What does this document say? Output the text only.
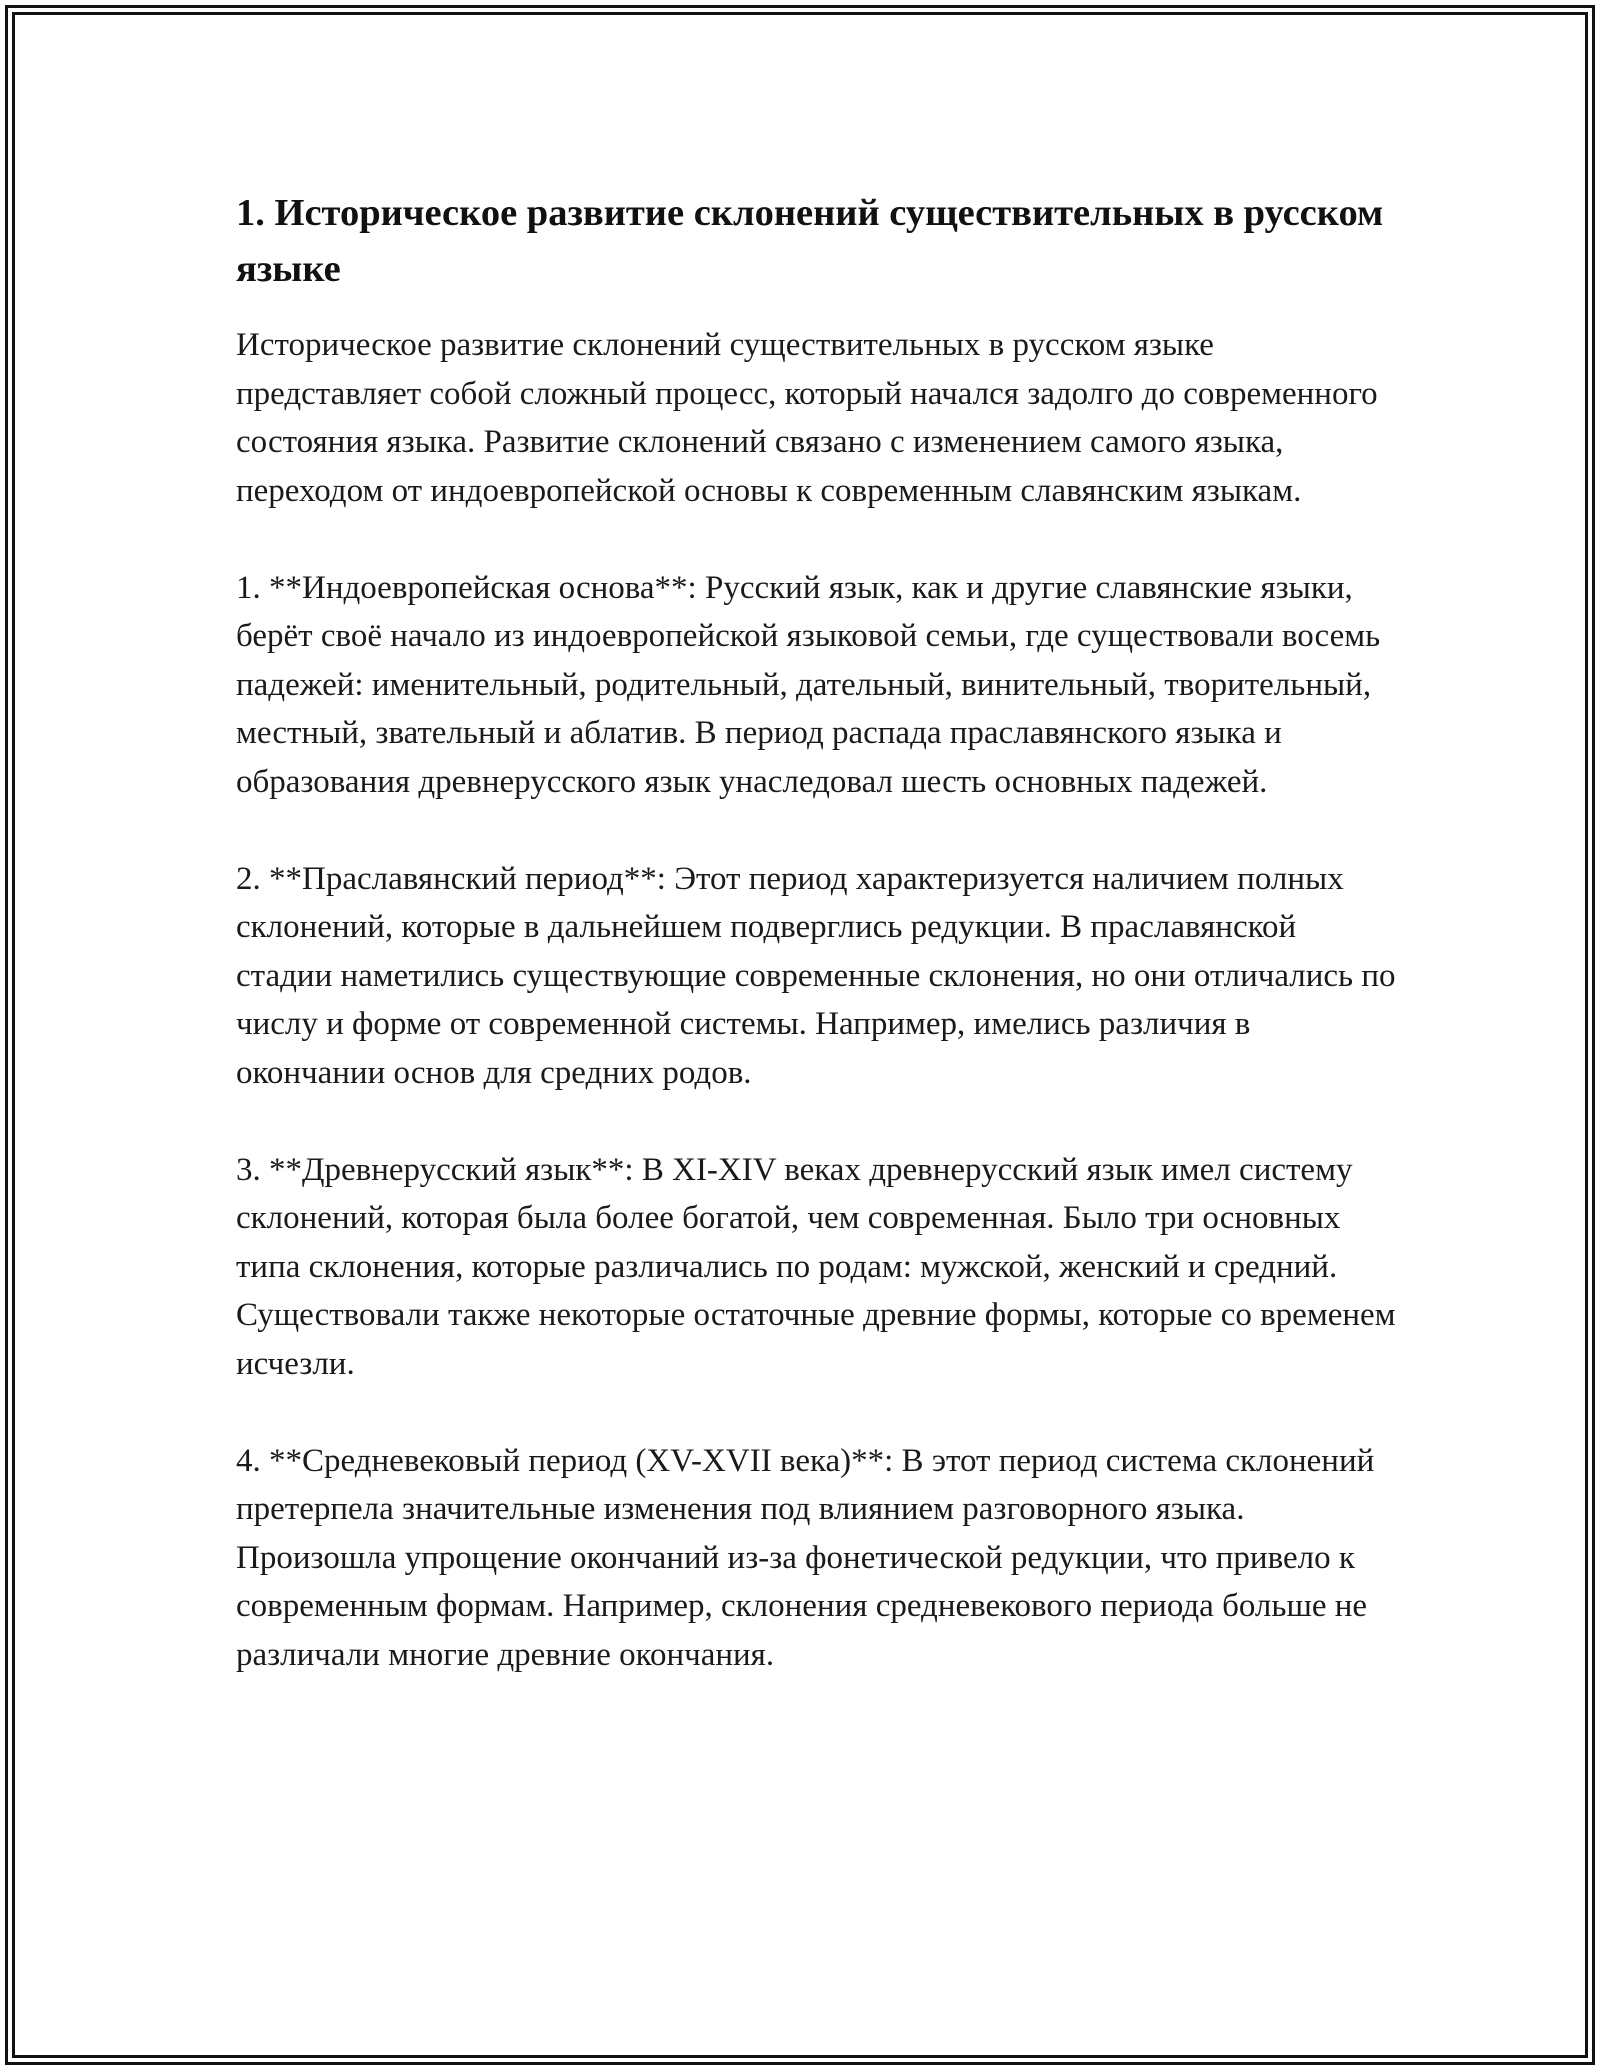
1. Историческое развитие склонений существительных в русском языке

Историческое развитие склонений существительных в русском языке представляет собой сложный процесс, который начался задолго до современного состояния языка. Развитие склонений связано с изменением самого языка, переходом от индоевропейской основы к современным славянским языкам.

1. **Индоевропейская основа**: Русский язык, как и другие славянские языки, берёт своё начало из индоевропейской языковой семьи, где существовали восемь падежей: именительный, родительный, дательный, винительный, творительный, местный, звательный и аблатив. В период распада праславянского языка и образования древнерусского язык унаследовал шесть основных падежей.

2. **Праславянский период**: Этот период характеризуется наличием полных склонений, которые в дальнейшем подверглись редукции. В праславянской стадии наметились существующие современные склонения, но они отличались по числу и форме от современной системы. Например, имелись различия в окончании основ для средних родов.

3. **Древнерусский язык**: В XI-XIV веках древнерусский язык имел систему склонений, которая была более богатой, чем современная. Было три основных типа склонения, которые различались по родам: мужской, женский и средний. Существовали также некоторые остаточные древние формы, которые со временем исчезли.

4. **Средневековый период (XV-XVII века)**: В этот период система склонений претерпела значительные изменения под влиянием разговорного языка. Произошла упрощение окончаний из-за фонетической редукции, что привело к современным формам. Например, склонения средневекового периода больше не различали многие древние окончания.
